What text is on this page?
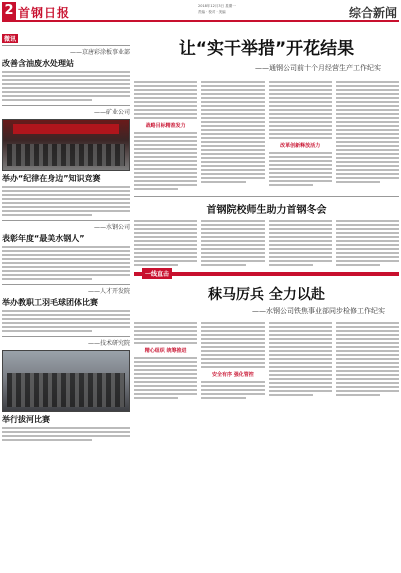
2 首钢日报	2018年12月3日 星期一
责编 · 校对 · 美编	综合新闻
微讯
——京唐彩涂板事业部
改善含油废水处理站
——矿业公司
举办“纪律在身边”知识竞赛
——水钢公司
表彰年度“最美水钢人”
——人才开发院
举办教职工羽毛球团体比赛
——技术研究院
举行拔河比赛
让“实干举措”开花结果
——通钢公司前十个月经营生产工作纪实
战略目标精准发力
改革创新释放活力
首钢院校师生助力首钢冬会
一线直击
秣马厉兵 全力以赴
——水钢公司铁焦事业部同步检修工作纪实
精心组织 统筹推进
安全有序 强化管控
